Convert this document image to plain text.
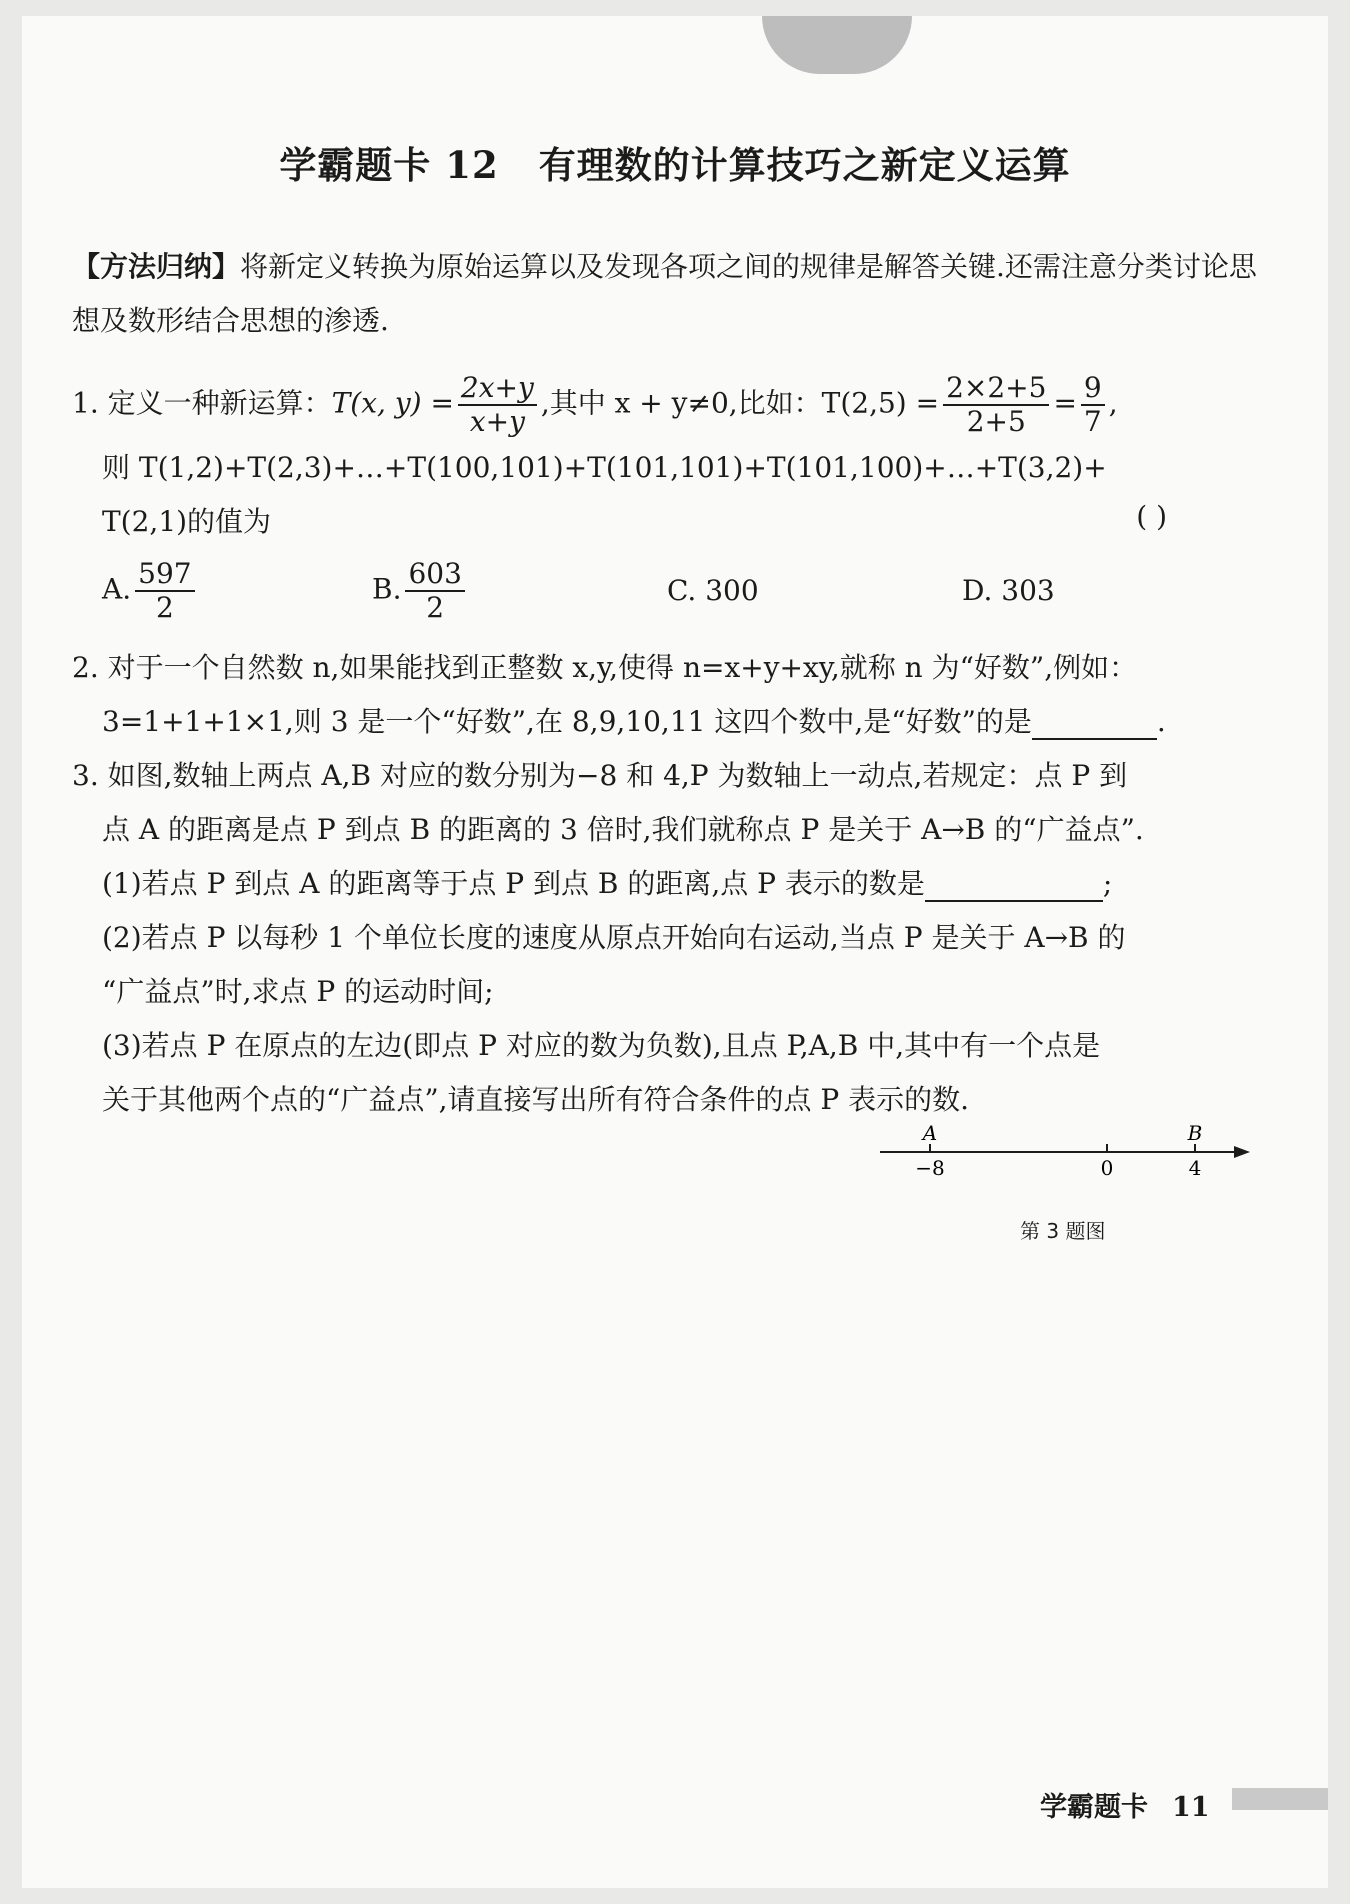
学霸题卡 12 有理数的计算技巧之新定义运算
【方法归纳】将新定义转换为原始运算以及发现各项之间的规律是解答关键.还需注意分类讨论思想及数形结合思想的渗透.
1. 定义一种新运算：T(x, $y) = \frac{2x+y}{x+y}$ ,其中 x + y≠0,比如：$T(2,5) = \frac{2\times 2+5}{2+5} = \frac{9}{7}$ ,
则 T(1,2)+T(2,3)+…+T(100,101)+T(101,101)+T(101,100)+…+T(3,2)+
T(2,1)的值为	( )
A. $\frac{597}{2}$	B. $\frac{603}{2}$	C. 300	D. 303
2. 对于一个自然数 n,如果能找到正整数 x,y,使得 n=x+y+xy,就称 n 为“好数”,例如：
3=1+1+1×1,则 3 是一个“好数”,在 8,9,10,11 这四个数中,是“好数”的是	.
3. 如图,数轴上两点 A,B 对应的数分别为−8 和 4,P 为数轴上一动点,若规定：点 P 到
点 A 的距离是点 P 到点 B 的距离的 3 倍时,我们就称点 P 是关于 A→B 的“广益点”.
(1)若点 P 到点 A 的距离等于点 P 到点 B 的距离,点 P 表示的数是	;
(2)若点 P 以每秒 1 个单位长度的速度从原点开始向右运动,当点 P 是关于 A→B 的
“广益点”时,求点 P 的运动时间;
(3)若点 P 在原点的左边(即点 P 对应的数为负数),且点 P,A,B 中,其中有一个点是
关于其他两个点的“广益点”,请直接写出所有符合条件的点 P 表示的数.
A	B
−8	0	4
第 3 题图
学霸题卡 11
